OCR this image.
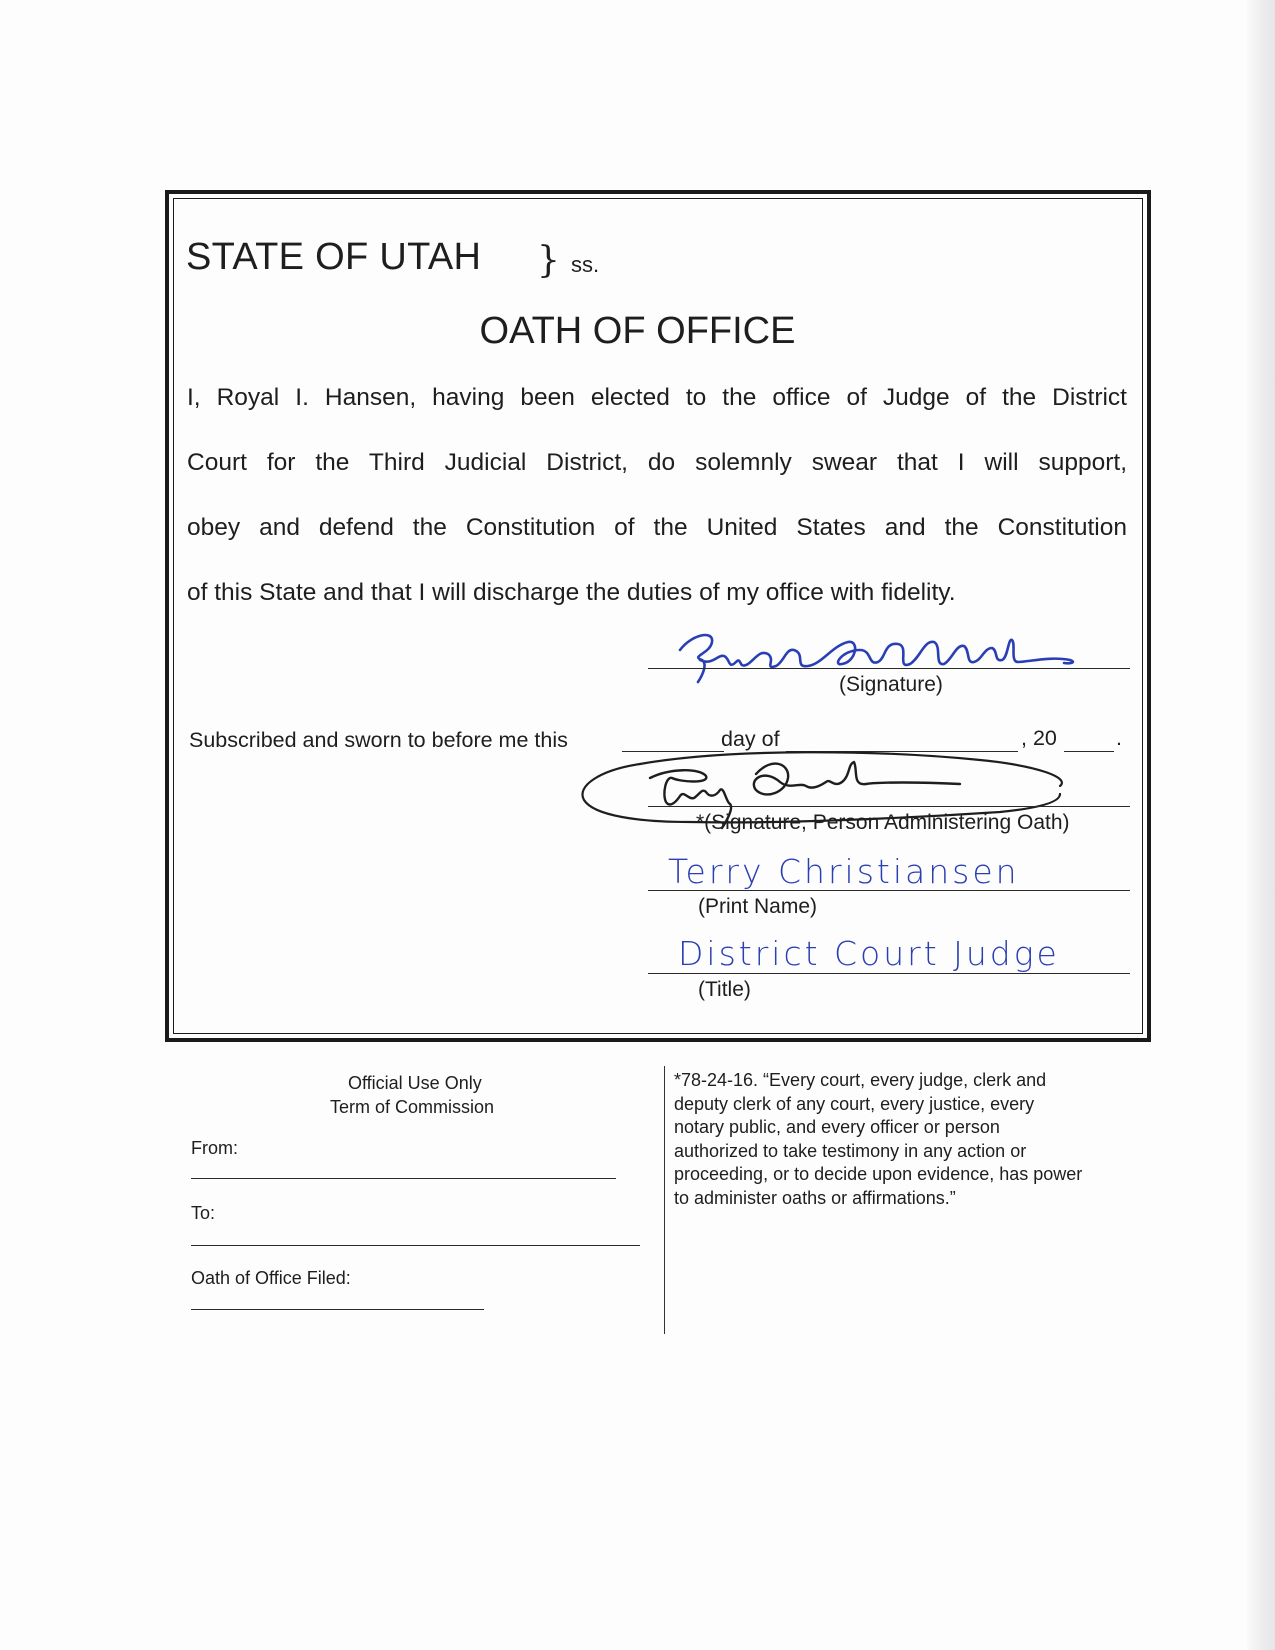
STATE OF UTAH } ss.
OATH OF OFFICE
I, Royal I. Hansen, having been elected to the office of Judge of the District
Court for the Third Judicial District, do solemnly swear that I will support,
obey and defend the Constitution of the United States and the Constitution
of this State and that I will discharge the duties of my office with fidelity.
(Signature)
Subscribed and sworn to before me this	day of	, 20	.
*(Signature, Person Administering Oath)
Terry Christiansen
(Print Name)
District Court Judge
(Title)
Official Use Only
Term of Commission
From:
To:
Oath of Office Filed:
*78-24-16. “Every court, every judge, clerk and
deputy clerk of any court, every justice, every
notary public, and every officer or person
authorized to take testimony in any action or
proceeding, or to decide upon evidence, has power
to administer oaths or affirmations.”
